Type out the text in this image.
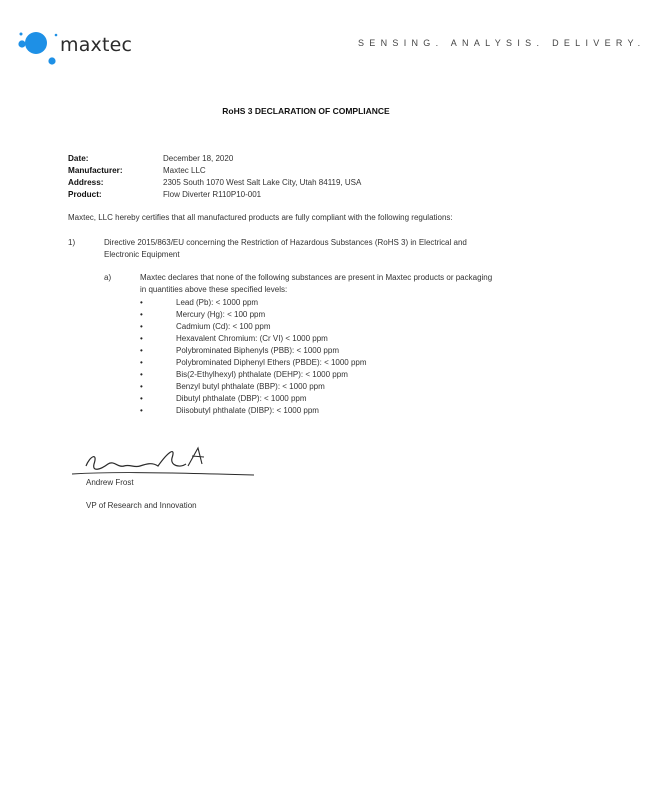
maxtec	SENSING. ANALYSIS. DELIVERY.
RoHS 3 DECLARATION OF COMPLIANCE
Date:	December 18, 2020
Manufacturer:	Maxtec LLC
Address:	2305 South 1070 West Salt Lake City, Utah 84119, USA
Product:	Flow Diverter R110P10-001
Maxtec, LLC hereby certifies that all manufactured products are fully compliant with the following regulations:
1)	Directive 2015/863/EU concerning the Restriction of Hazardous Substances (RoHS 3) in Electrical and
Electronic Equipment
a)	Maxtec declares that none of the following substances are present in Maxtec products or packaging
in quantities above these specified levels:
•	Lead (Pb): < 1000 ppm
•	Mercury (Hg): < 100 ppm
•	Cadmium (Cd): < 100 ppm
•	Hexavalent Chromium: (Cr VI) < 1000 ppm
•	Polybrominated Biphenyls (PBB): < 1000 ppm
•	Polybrominated Diphenyl Ethers (PBDE): < 1000 ppm
•	Bis(2-Ethylhexyl) phthalate (DEHP): < 1000 ppm
•	Benzyl butyl phthalate (BBP): < 1000 ppm
•	Dibutyl phthalate (DBP): < 1000 ppm
•	Diisobutyl phthalate (DIBP): < 1000 ppm
Andrew Frost
VP of Research and Innovation
